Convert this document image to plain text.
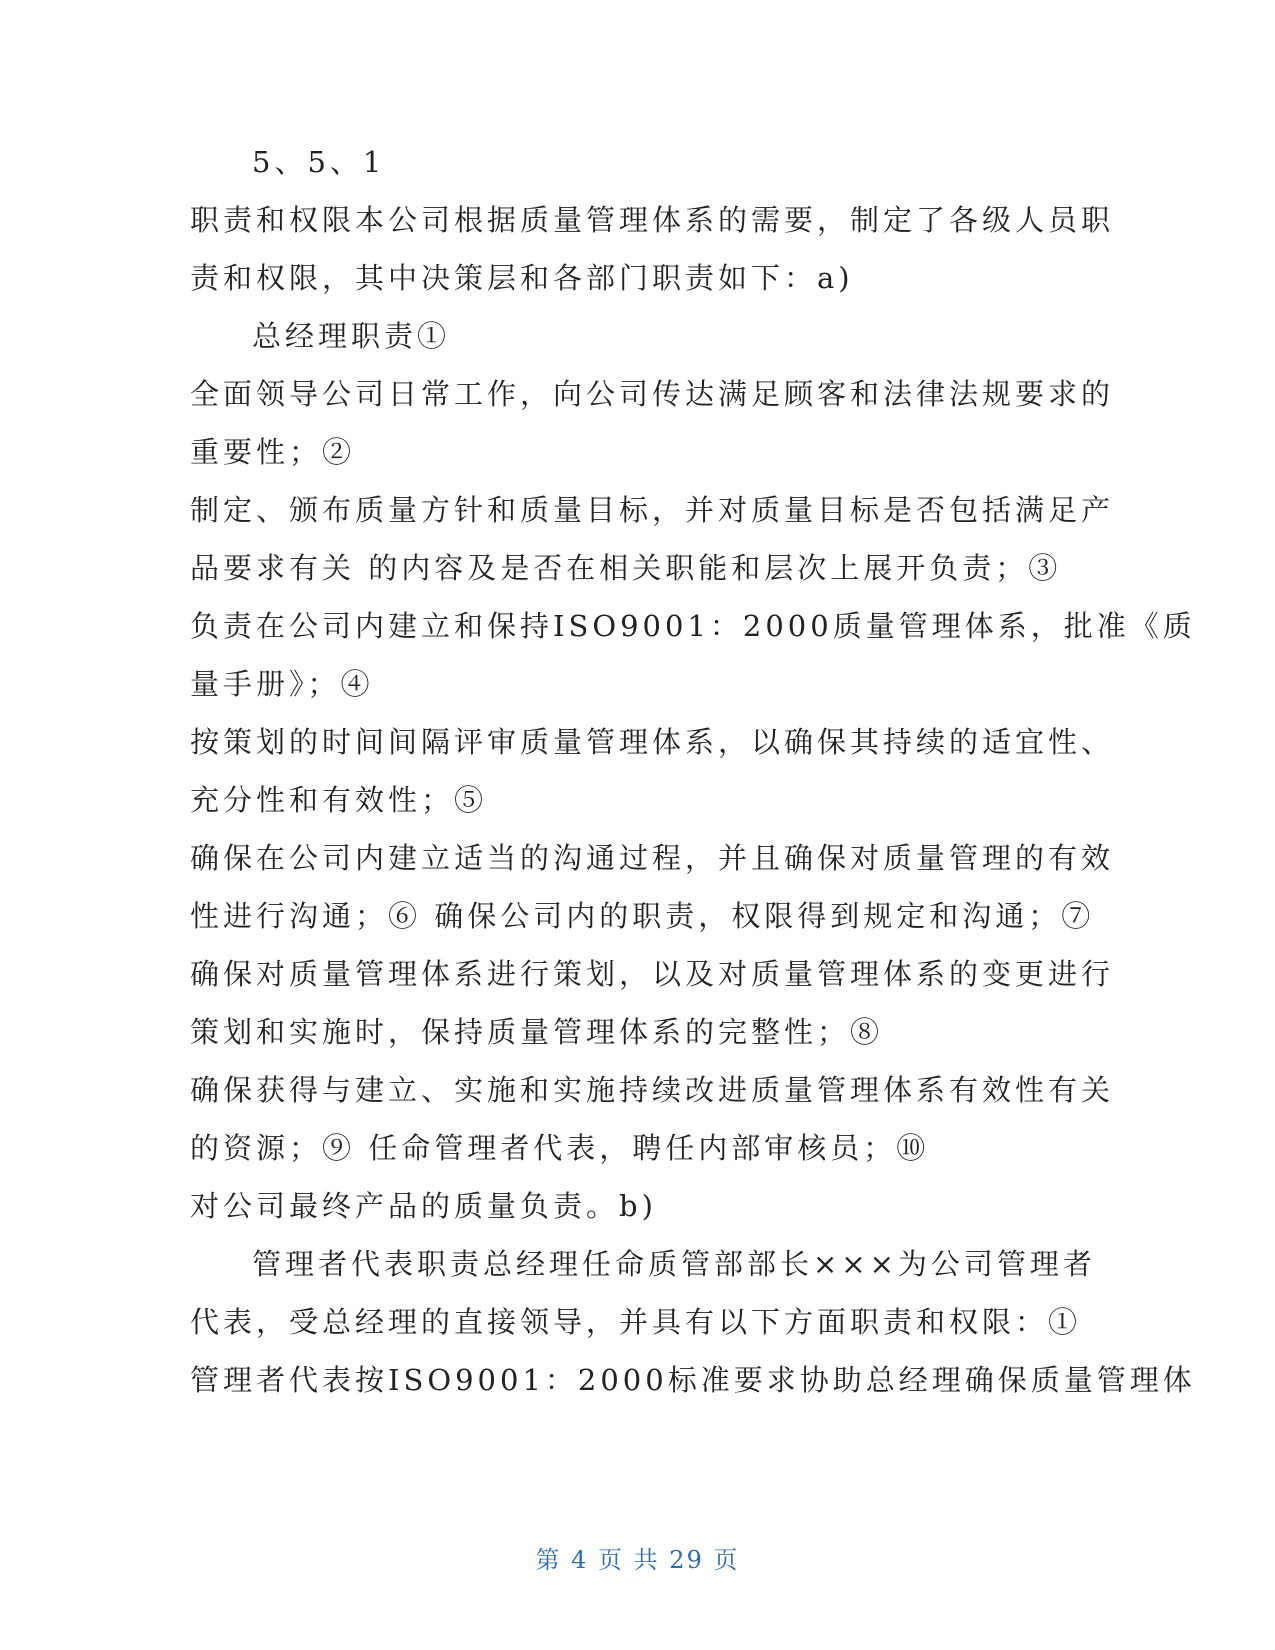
5、5、1
职责和权限本公司根据质量管理体系的需要，制定了各级人员职
责和权限，其中决策层和各部门职责如下：a)
总经理职责①
全面领导公司日常工作，向公司传达满足顾客和法律法规要求的
重要性；②
制定、颁布质量方针和质量目标，并对质量目标是否包括满足产
品要求有关 的内容及是否在相关职能和层次上展开负责；③
负责在公司内建立和保持ISO9001：2000质量管理体系，批准《质
量手册》；④
按策划的时间间隔评审质量管理体系，以确保其持续的适宜性、
充分性和有效性；⑤
确保在公司内建立适当的沟通过程，并且确保对质量管理的有效
性进行沟通；⑥ 确保公司内的职责，权限得到规定和沟通；⑦
确保对质量管理体系进行策划，以及对质量管理体系的变更进行
策划和实施时，保持质量管理体系的完整性；⑧
确保获得与建立、实施和实施持续改进质量管理体系有效性有关
的资源；⑨ 任命管理者代表，聘任内部审核员；⑩
对公司最终产品的质量负责。b)
管理者代表职责总经理任命质管部部长×××为公司管理者
代表，受总经理的直接领导，并具有以下方面职责和权限：①
管理者代表按ISO9001：2000标准要求协助总经理确保质量管理体
第 4 页 共 29 页
